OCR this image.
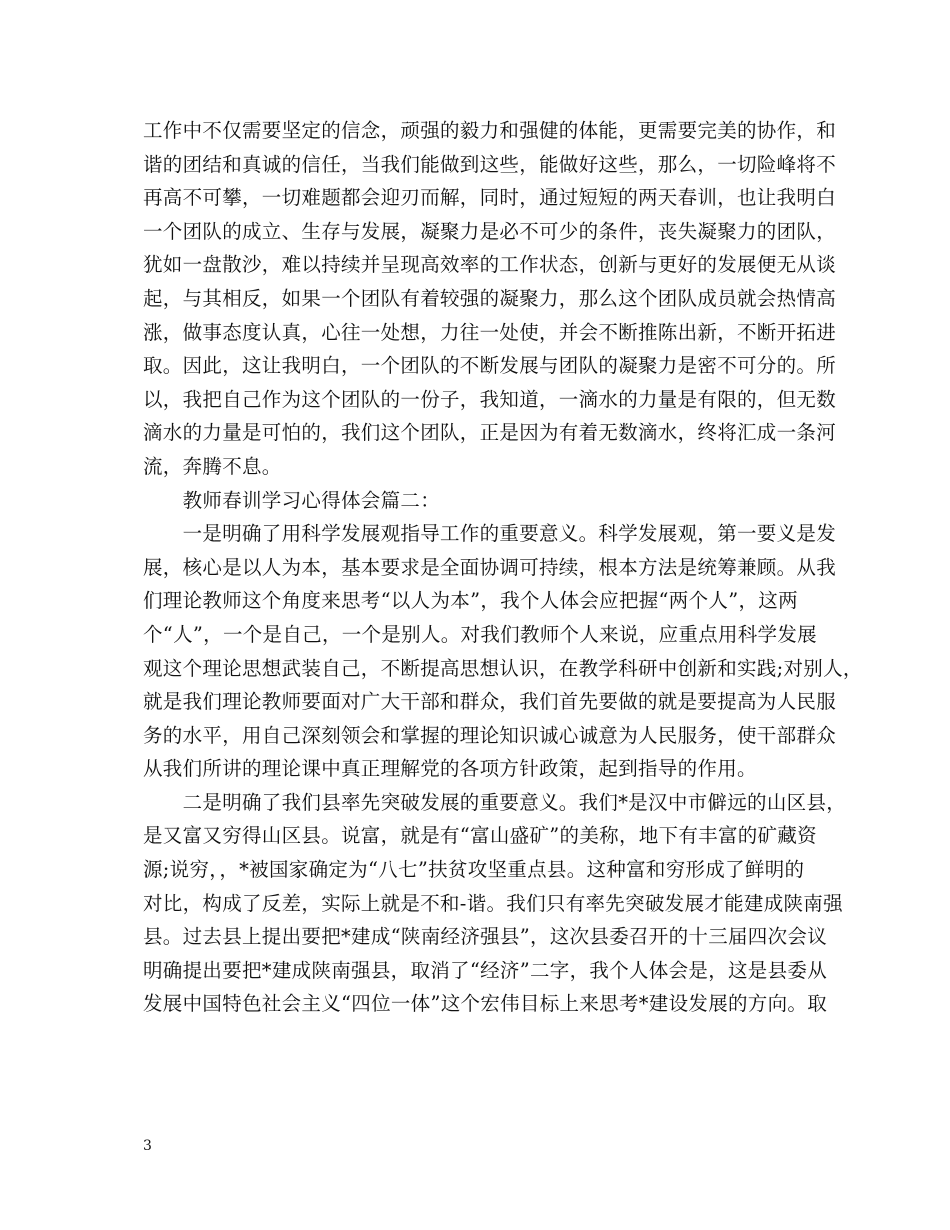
工作中不仅需要坚定的信念，顽强的毅力和强健的体能，更需要完美的协作，和
谐的团结和真诚的信任，当我们能做到这些，能做好这些，那么，一切险峰将不
再高不可攀，一切难题都会迎刃而解，同时，通过短短的两天春训，也让我明白
一个团队的成立、生存与发展，凝聚力是必不可少的条件，丧失凝聚力的团队，
犹如一盘散沙，难以持续并呈现高效率的工作状态，创新与更好的发展便无从谈
起，与其相反，如果一个团队有着较强的凝聚力，那么这个团队成员就会热情高
涨，做事态度认真，心往一处想，力往一处使，并会不断推陈出新，不断开拓进
取。因此，这让我明白，一个团队的不断发展与团队的凝聚力是密不可分的。所
以，我把自己作为这个团队的一份子，我知道，一滴水的力量是有限的，但无数
滴水的力量是可怕的，我们这个团队，正是因为有着无数滴水，终将汇成一条河
流，奔腾不息。
　　教师春训学习心得体会篇二：
　　一是明确了用科学发展观指导工作的重要意义。科学发展观，第一要义是发
展，核心是以人为本，基本要求是全面协调可持续，根本方法是统筹兼顾。从我
们理论教师这个角度来思考“以人为本”，我个人体会应把握“两个人”，这两
个“人”，一个是自己，一个是别人。对我们教师个人来说，应重点用科学发展
观这个理论思想武装自己，不断提高思想认识，在教学科研中创新和实践;对别人，
就是我们理论教师要面对广大干部和群众，我们首先要做的就是要提高为人民服
务的水平，用自己深刻领会和掌握的理论知识诚心诚意为人民服务，使干部群众
从我们所讲的理论课中真正理解党的各项方针政策，起到指导的作用。
　　二是明确了我们县率先突破发展的重要意义。我们*是汉中市僻远的山区县，
是又富又穷得山区县。说富，就是有“富山盛矿”的美称，地下有丰富的矿藏资
源;说穷，，*被国家确定为“八七”扶贫攻坚重点县。这种富和穷形成了鲜明的
对比，构成了反差，实际上就是不和-谐。我们只有率先突破发展才能建成陕南强
县。过去县上提出要把*建成“陕南经济强县”，这次县委召开的十三届四次会议
明确提出要把*建成陕南强县，取消了“经济”二字，我个人体会是，这是县委从
发展中国特色社会主义“四位一体”这个宏伟目标上来思考*建设发展的方向。取
3
